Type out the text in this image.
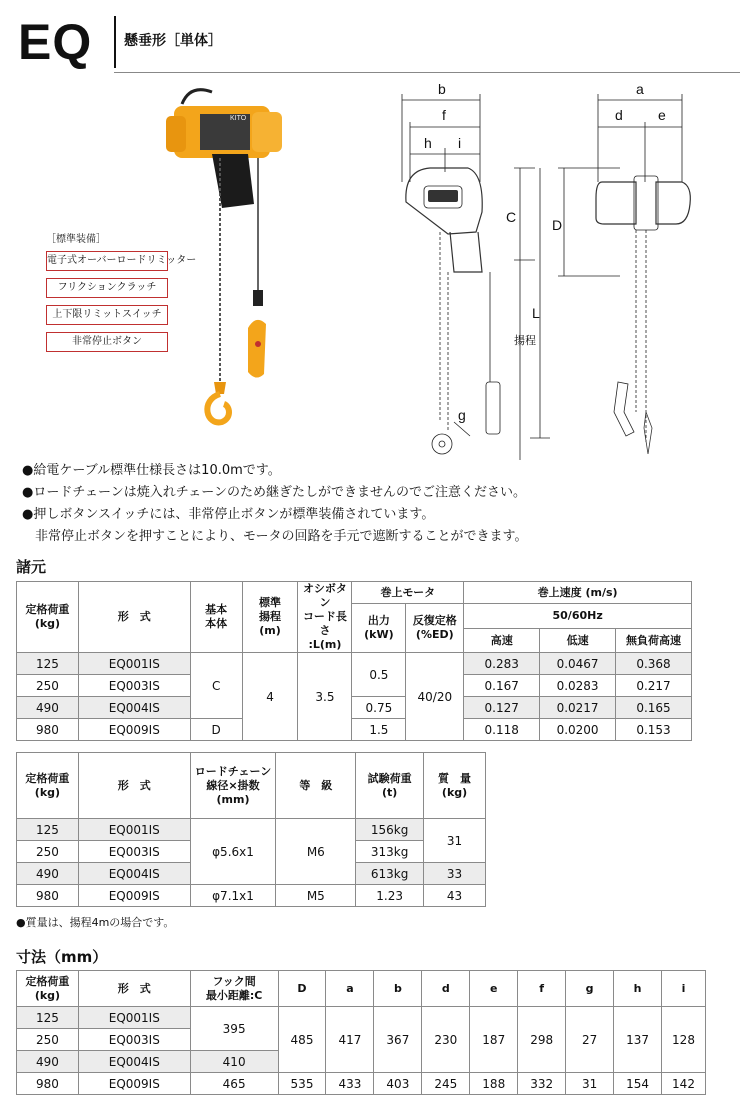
EQ 懸垂形［単体］
KITO
［標準装備］
電子式オーバーロードリミッター
フリクションクラッチ
上下限リミットスイッチ
非常停止ボタン
b
f
h i
g
C
L
揚程
D
a
d	e
●給電ケーブル標準仕様長さは10.0mです。
●ロードチェーンは焼入れチェーンのため継ぎたしができませんのでご注意ください。
●押しボタンスイッチには、非常停止ボタンが標準装備されています。
非常停止ボタンを押すことにより、モータの回路を手元で遮断することができます。
諸元
定格荷重
(kg)	形　式	基本
本体	標準
揚程
(m)	オシボタン
コード長さ
:L(m)	巻上モータ		巻上速度 (m/s)		
					出力
(kW)	反復定格
(%ED)	50/60Hz		
							高速	低速	無負荷高速
125	EQ001IS	C	4	3.5	0.5	40/20	0.283	0.0467	0.368
250	EQ003IS						0.167	0.0283	0.217
490	EQ004IS				0.75		0.127	0.0217	0.165
980	EQ009IS	D			1.5		0.118	0.0200	0.153
定格荷重
(kg)	形　式	ロードチェーン
線径×掛数
(mm)	等　級	試験荷重
(t)	質　量
(kg)
125	EQ001IS	φ5.6x1	M6	156kg	31
250	EQ003IS			313kg	
490	EQ004IS			613kg	33
980	EQ009IS	φ7.1x1	M5	1.23	43
●質量は、揚程4mの場合です。
寸法（mm）
定格荷重
(kg)	形　式	フック間
最小距離:C	D	a	b	d	e	f	g	h	i
125	EQ001IS	395	485	417	367	230	187	298	27	137	128
250	EQ003IS										
490	EQ004IS	410									
980	EQ009IS	465	535	433	403	245	188	332	31	154	142
